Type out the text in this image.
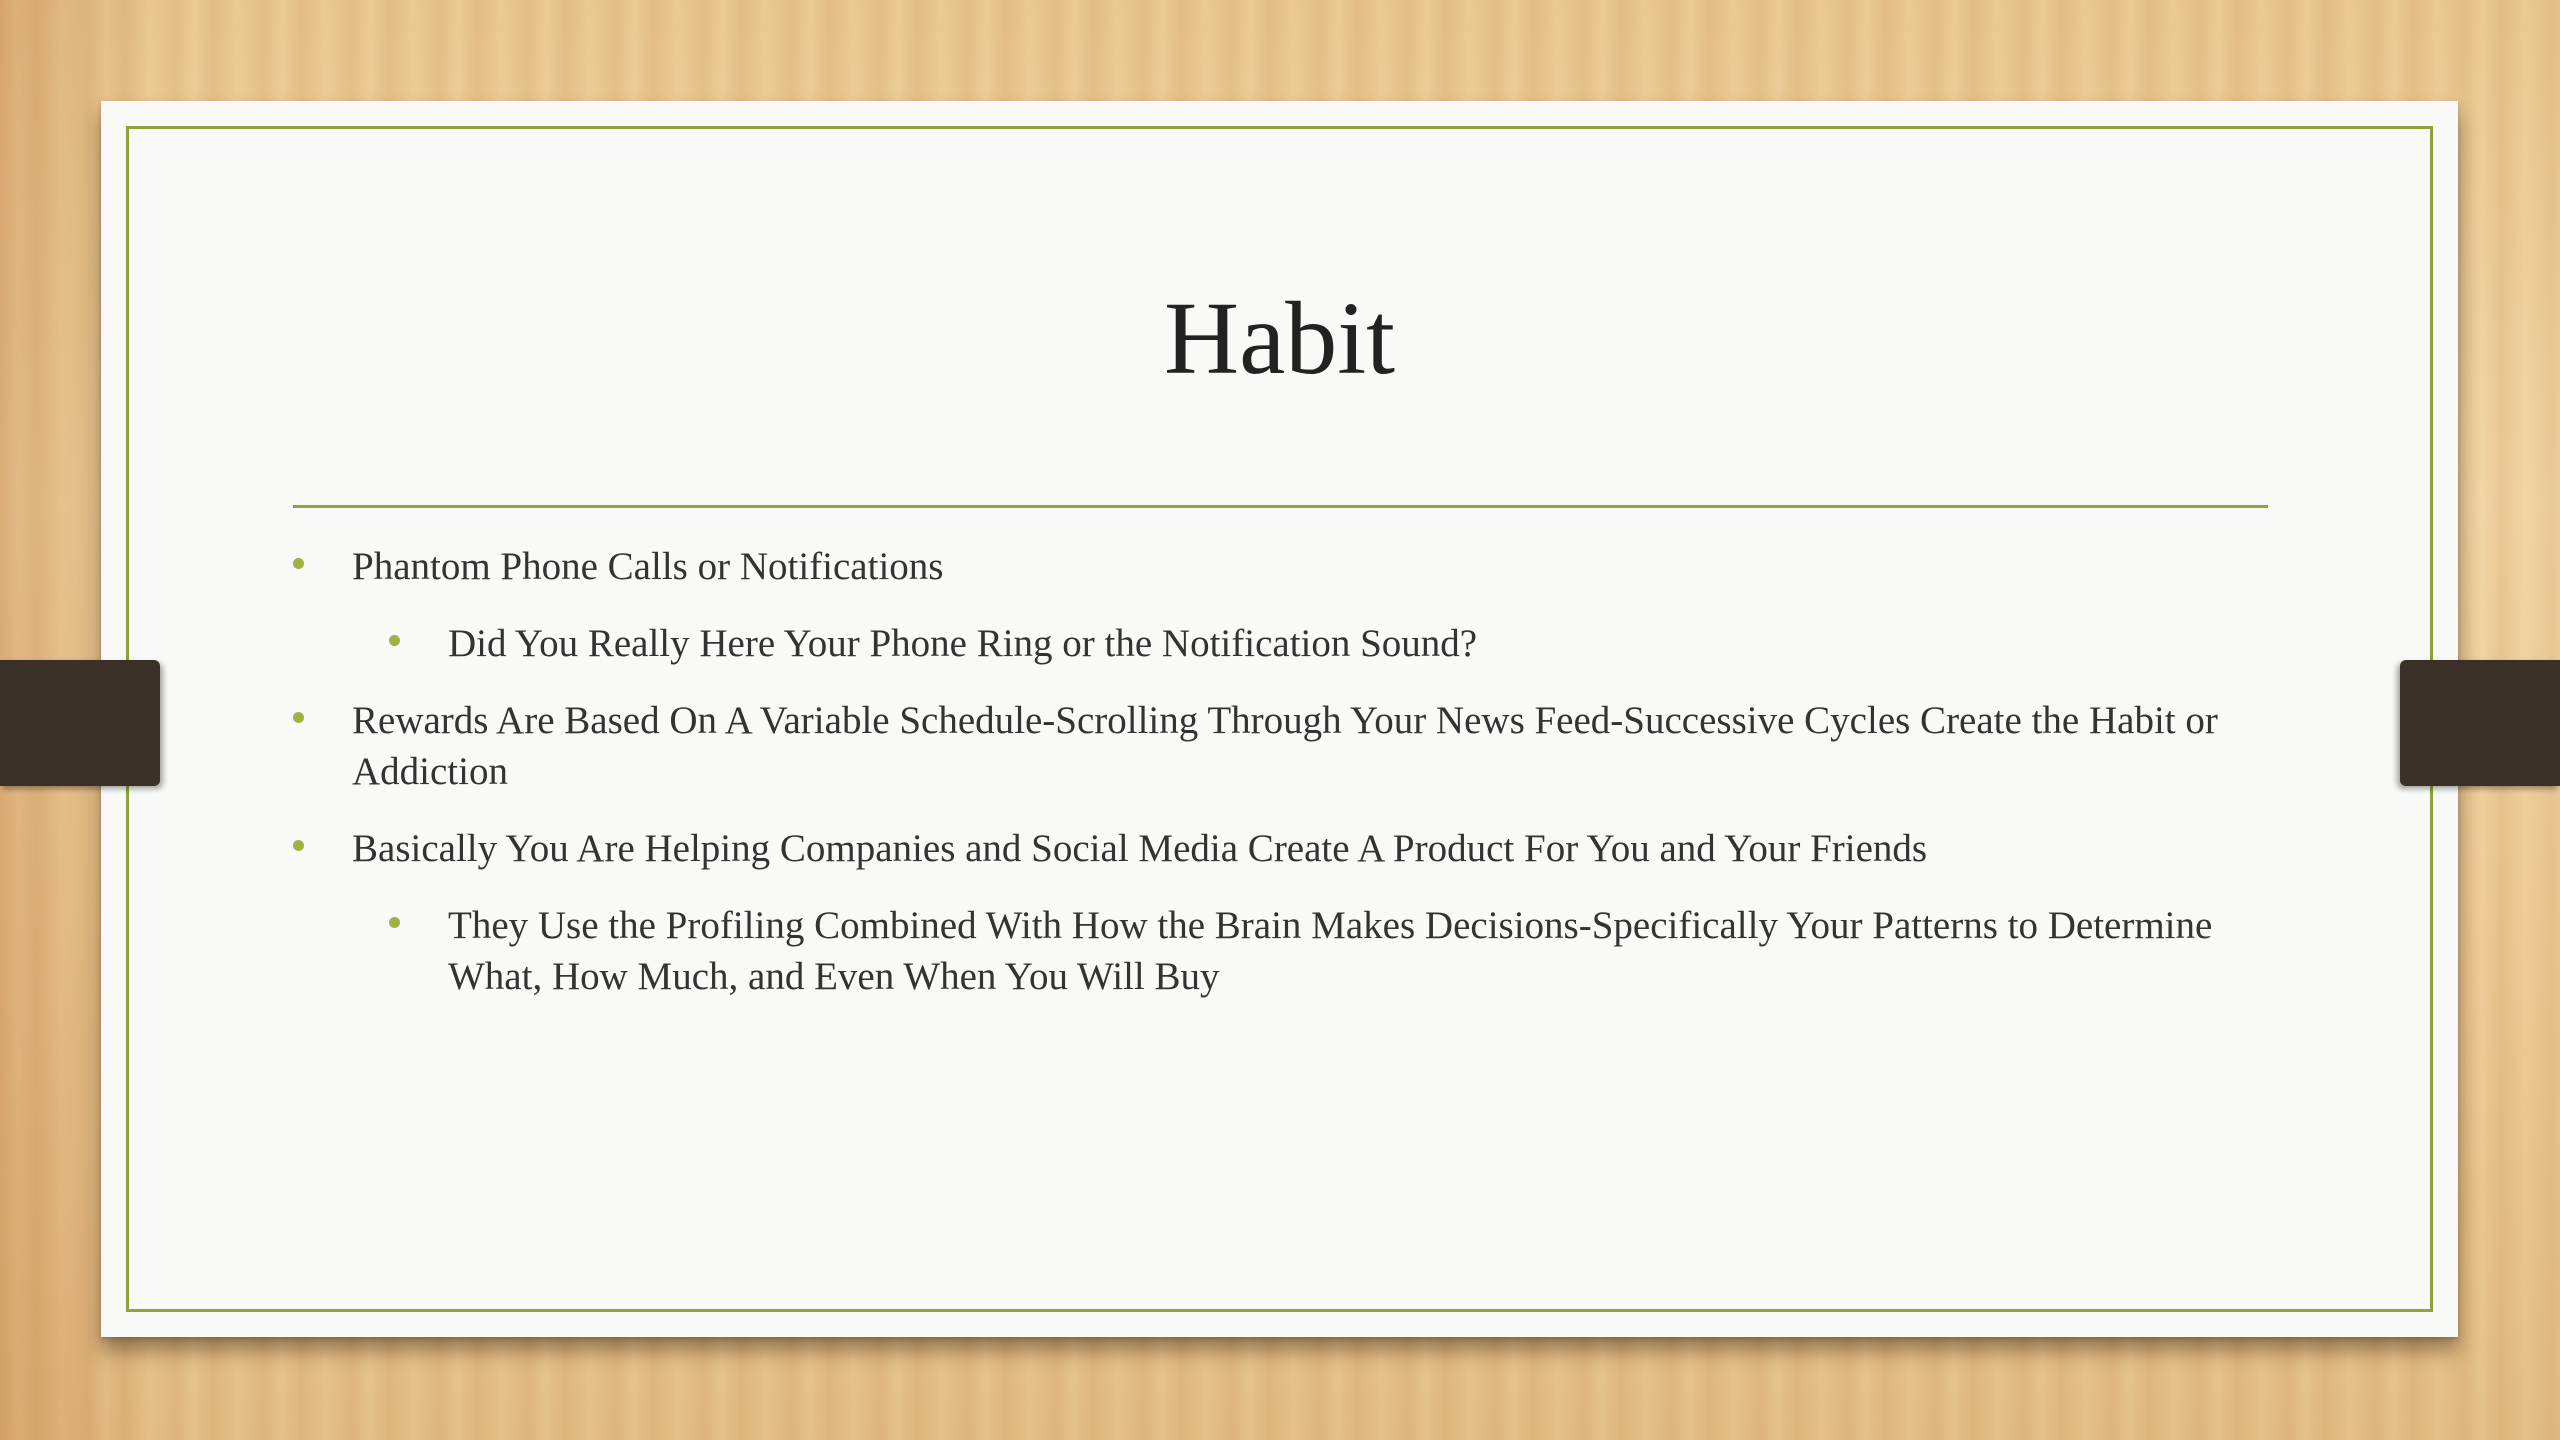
Habit
Phantom Phone Calls or Notifications
Did You Really Here Your Phone Ring or the Notification Sound?
Rewards Are Based On A Variable Schedule-Scrolling Through Your News Feed-Successive Cycles Create the Habit or Addiction
Basically You Are Helping Companies and Social Media Create A Product For You and Your Friends
They Use the Profiling Combined With How the Brain Makes Decisions-Specifically Your Patterns to Determine What, How Much, and Even When You Will Buy
